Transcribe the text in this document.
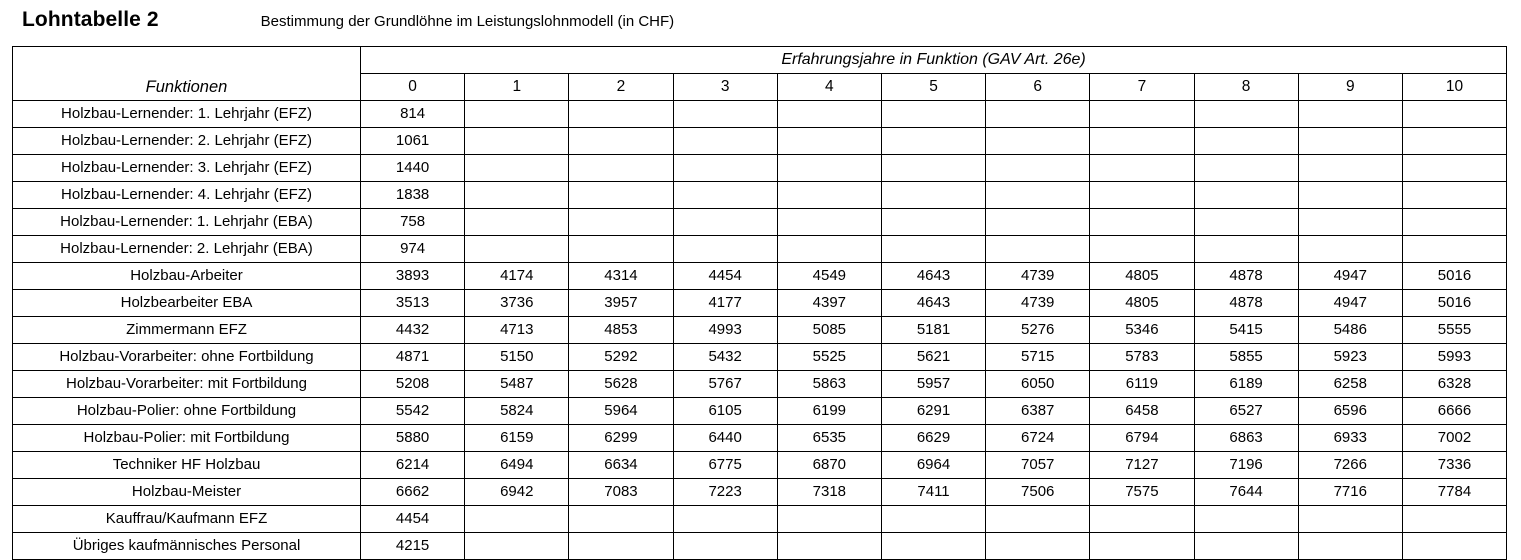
Lohntabelle 2	Bestimmung der Grundlöhne im Leistungslohnmodell (in CHF)
Funktionen	Erfahrungsjahre in Funktion (GAV Art. 26e)										
	0	1	2	3	4	5	6	7	8	9	10
Holzbau-Lernender: 1. Lehrjahr (EFZ)	814										
Holzbau-Lernender: 2. Lehrjahr (EFZ)	1061										
Holzbau-Lernender: 3. Lehrjahr (EFZ)	1440										
Holzbau-Lernender: 4. Lehrjahr (EFZ)	1838										
Holzbau-Lernender: 1. Lehrjahr (EBA)	758										
Holzbau-Lernender: 2. Lehrjahr (EBA)	974										
Holzbau-Arbeiter	3893	4174	4314	4454	4549	4643	4739	4805	4878	4947	5016
Holzbearbeiter EBA	3513	3736	3957	4177	4397	4643	4739	4805	4878	4947	5016
Zimmermann EFZ	4432	4713	4853	4993	5085	5181	5276	5346	5415	5486	5555
Holzbau-Vorarbeiter: ohne Fortbildung	4871	5150	5292	5432	5525	5621	5715	5783	5855	5923	5993
Holzbau-Vorarbeiter: mit Fortbildung	5208	5487	5628	5767	5863	5957	6050	6119	6189	6258	6328
Holzbau-Polier: ohne Fortbildung	5542	5824	5964	6105	6199	6291	6387	6458	6527	6596	6666
Holzbau-Polier: mit Fortbildung	5880	6159	6299	6440	6535	6629	6724	6794	6863	6933	7002
Techniker HF Holzbau	6214	6494	6634	6775	6870	6964	7057	7127	7196	7266	7336
Holzbau-Meister	6662	6942	7083	7223	7318	7411	7506	7575	7644	7716	7784
Kauffrau/Kaufmann EFZ	4454										
Übriges kaufmännisches Personal	4215										
